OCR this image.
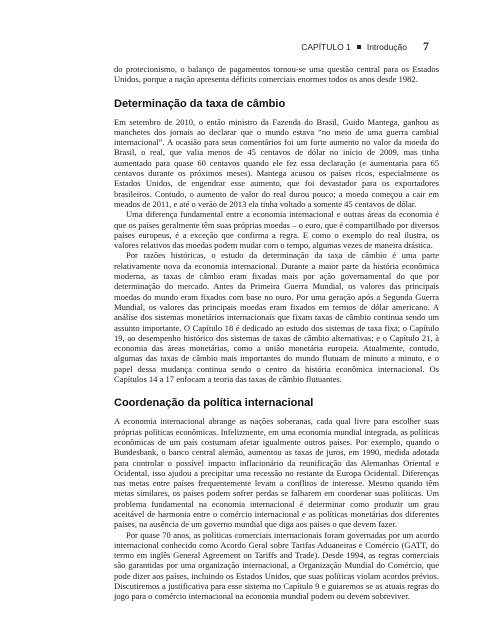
CAPÍTULO 1 Introdução 7

do protecionismo, o balanço de pagamentos tornou-se uma questão central para os Estados Unidos, porque a nação apresenta déficits comerciais enormes todos os anos desde 1982.

Determinação da taxa de câmbio

Em setembro de 2010, o então ministro da Fazenda do Brasil, Guido Mantega, ganhou as manchetes dos jornais ao declarar que o mundo estava “no meio de uma guerra cambial internacional”. A ocasião para seus comentários foi um forte aumento no valor da moeda do Brasil, o real, que valia menos de 45 centavos de dólar no início de 2009, mas tinha aumentado para quase 60 centavos quando ele fez essa declaração (e aumentaria para 65 centavos durante os próximos meses). Mantega acusou os países ricos, especialmente os Estados Unidos, de engendrar esse aumento, que foi devastador para os exportadores brasileiros. Contudo, o aumento de valor do real durou pouco; a moeda começou a cair em meados de 2011, e até o verão de 2013 ela tinha voltado a somente 45 centavos de dólar.

Uma diferença fundamental entre a economia internacional e outras áreas da economia é que os países geralmente têm suas próprias moedas – o euro, que é compartilhado por diversos países europeus, é a exceção que confirma a regra. E como o exemplo do real ilustra, os valores relativos das moedas podem mudar com o tempo, algumas vezes de maneira drástica.

Por razões históricas, o estudo da determinação da taxa de câmbio é uma parte relativamente nova da economia internacional. Durante a maior parte da história econômica moderna, as taxas de câmbio eram fixadas mais por ação governamental do que por determinação do mercado. Antes da Primeira Guerra Mundial, os valores das principais moedas do mundo eram fixados com base no ouro. Por uma geração após a Segunda Guerra Mundial, os valores das principais moedas eram fixados em termos de dólar americano. A análise dos sistemas monetários internacionais que fixam taxas de câmbio continua sendo um assunto importante. O Capítulo 18 é dedicado ao estudo dos sistemas de taxa fixa; o Capítulo 19, ao desempenho histórico dos sistemas de taxas de câmbio alternativas; e o Capítulo 21, à economia das áreas monetárias, como a união monetária europeia. Atualmente, contudo, algumas das taxas de câmbio mais importantes do mundo flutuam de minuto a minuto, e o papel dessa mudança continua sendo o centro da história econômica internacional. Os Capítulos 14 a 17 enfocam a teoria das taxas de câmbio flutuantes.

Coordenação da política internacional

A economia internacional abrange as nações soberanas, cada qual livre para escolher suas próprias políticas econômicas. Infelizmente, em uma economia mundial integrada, as políticas econômicas de um país costumam afetar igualmente outros países. Por exemplo, quando o Bundesbank, o banco central alemão, aumentou as taxas de juros, em 1990, medida adotada para controlar o possível impacto inflacionário da reunificação das Alemanhas Oriental e Ocidental, isso ajudou a precipitar uma recessão no restante da Europa Ocidental. Diferenças nas metas entre países frequentemente levam a conflitos de interesse. Mesmo quando têm metas similares, os países podem sofrer perdas se falharem em coordenar suas políticas. Um problema fundamental na economia internacional é determinar como produzir um grau aceitável de harmonia entre o comércio internacional e as políticas monetárias dos diferentes países, na ausência de um governo mundial que diga aos países o que devem fazer.

Por quase 70 anos, as políticas comerciais internacionais foram governadas por um acordo internacional conhecido como Acordo Geral sobre Tarifas Aduaneiras e Comércio (GATT, do termo em inglês General Agreement on Tariffs and Trade). Desde 1994, as regras comerciais são garantidas por uma organização internacional, a Organização Mundial do Comércio, que pode dizer aos países, incluindo os Estados Unidos, que suas políticas violam acordos prévios. Discutiremos a justificativa para esse sistema no Capítulo 9 e guiaremos se as atuais regras do jogo para o comércio internacional na economia mundial podem ou devem sobreviver.
